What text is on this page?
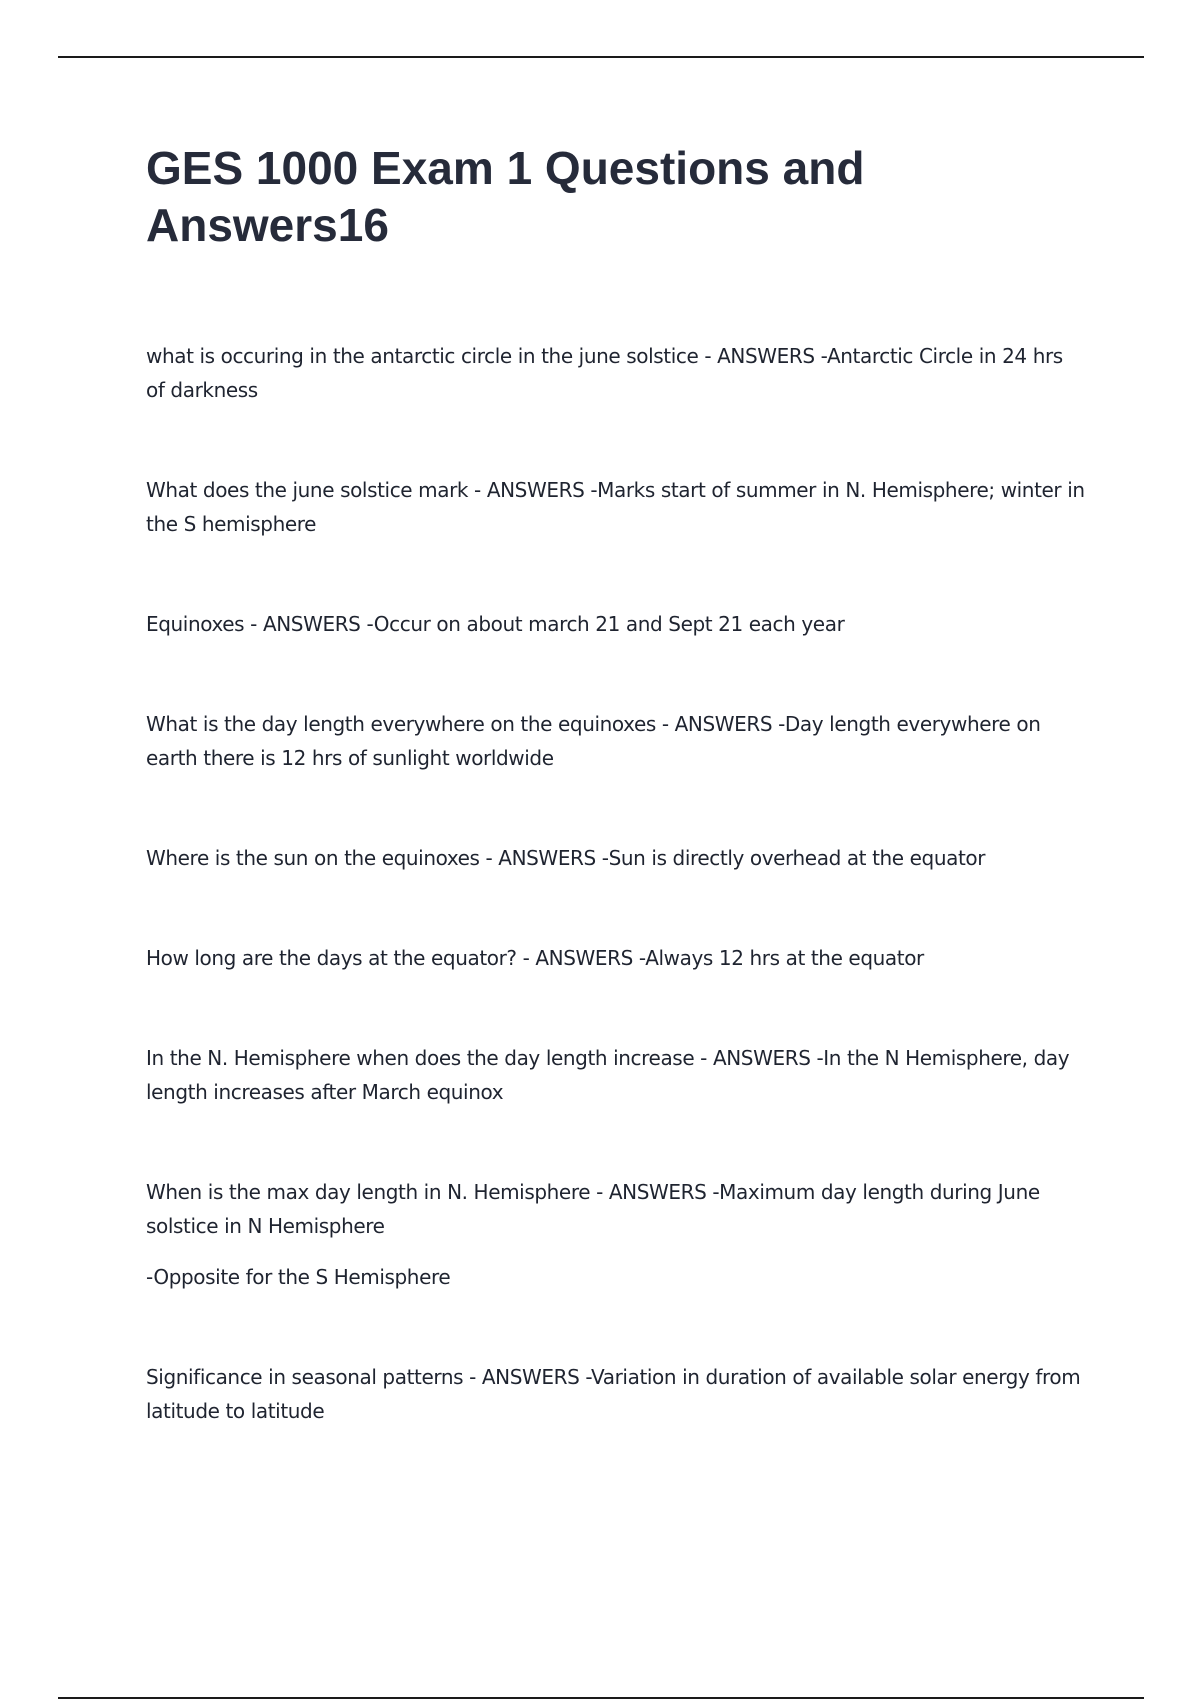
GES 1000 Exam 1 Questions and Answers16

what is occuring in the antarctic circle in the june solstice - ANSWERS -Antarctic Circle in 24 hrs of darkness

What does the june solstice mark - ANSWERS -Marks start of summer in N. Hemisphere; winter in the S hemisphere

Equinoxes - ANSWERS -Occur on about march 21 and Sept 21 each year

What is the day length everywhere on the equinoxes - ANSWERS -Day length everywhere on earth there is 12 hrs of sunlight worldwide

Where is the sun on the equinoxes - ANSWERS -Sun is directly overhead at the equator

How long are the days at the equator? - ANSWERS -Always 12 hrs at the equator

In the N. Hemisphere when does the day length increase - ANSWERS -In the N Hemisphere, day length increases after March equinox

When is the max day length in N. Hemisphere - ANSWERS -Maximum day length during June solstice in N Hemisphere

-Opposite for the S Hemisphere

Significance in seasonal patterns - ANSWERS -Variation in duration of available solar energy from latitude to latitude
